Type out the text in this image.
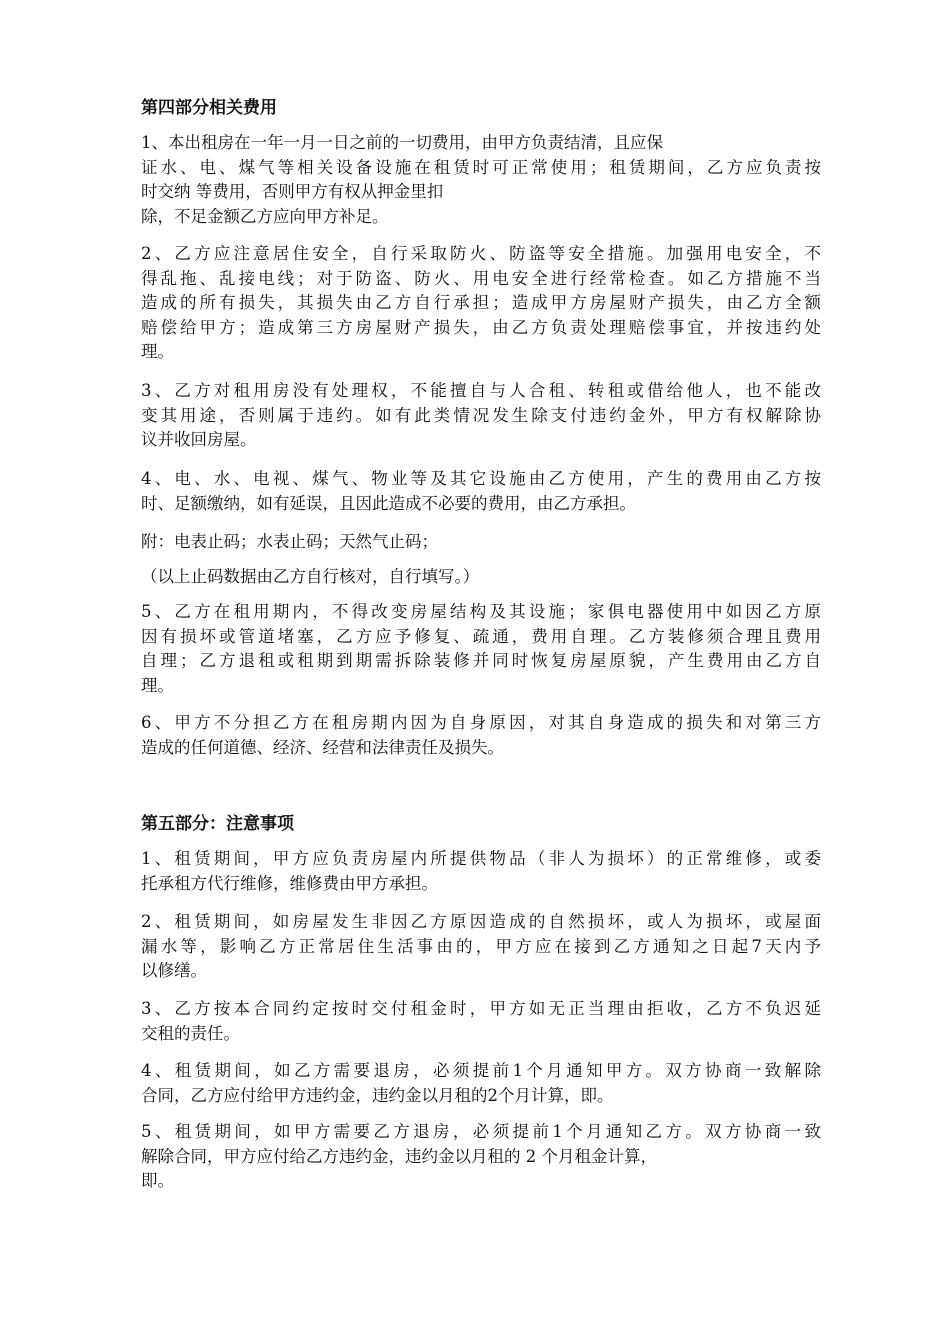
第四部分相关费用
1、本出租房在一年一月一日之前的一切费用，由甲方负责结清，且应保
证水、电、煤气等相关设备设施在租赁时可正常使用；租赁期间，乙方应负责按
时交纳 等费用，否则甲方有权从押金里扣
除，不足金额乙方应向甲方补足。
2、乙方应注意居住安全，自行采取防火、防盗等安全措施。加强用电安全，不
得乱拖、乱接电线；对于防盗、防火、用电安全进行经常检查。如乙方措施不当
造成的所有损失，其损失由乙方自行承担；造成甲方房屋财产损失，由乙方全额
赔偿给甲方；造成第三方房屋财产损失，由乙方负责处理赔偿事宜，并按违约处
理。
3、乙方对租用房没有处理权，不能擅自与人合租、转租或借给他人，也不能改
变其用途，否则属于违约。如有此类情况发生除支付违约金外，甲方有权解除协
议并收回房屋。
4、电、水、电视、煤气、物业等及其它设施由乙方使用，产生的费用由乙方按
时、足额缴纳，如有延误，且因此造成不必要的费用，由乙方承担。
附：电表止码；水表止码；天然气止码；
（以上止码数据由乙方自行核对，自行填写。）
5、乙方在租用期内，不得改变房屋结构及其设施；家俱电器使用中如因乙方原
因有损坏或管道堵塞，乙方应予修复、疏通，费用自理。乙方装修须合理且费用
自理；乙方退租或租期到期需拆除装修并同时恢复房屋原貌，产生费用由乙方自
理。
6、甲方不分担乙方在租房期内因为自身原因，对其自身造成的损失和对第三方
造成的任何道德、经济、经营和法律责任及损失。
第五部分：注意事项
1、租赁期间，甲方应负责房屋内所提供物品（非人为损坏）的正常维修，或委
托承租方代行维修，维修费由甲方承担。
2、租赁期间，如房屋发生非因乙方原因造成的自然损坏，或人为损坏，或屋面
漏水等，影响乙方正常居住生活事由的，甲方应在接到乙方通知之日起7天内予
以修缮。
3、乙方按本合同约定按时交付租金时，甲方如无正当理由拒收，乙方不负迟延
交租的责任。
4、租赁期间，如乙方需要退房，必须提前1个月通知甲方。双方协商一致解除
合同，乙方应付给甲方违约金，违约金以月租的2个月计算，即。
5、租赁期间，如甲方需要乙方退房，必须提前1个月通知乙方。双方协商一致
解除合同，甲方应付给乙方违约金，违约金以月租的 2 个月租金计算，
即。
